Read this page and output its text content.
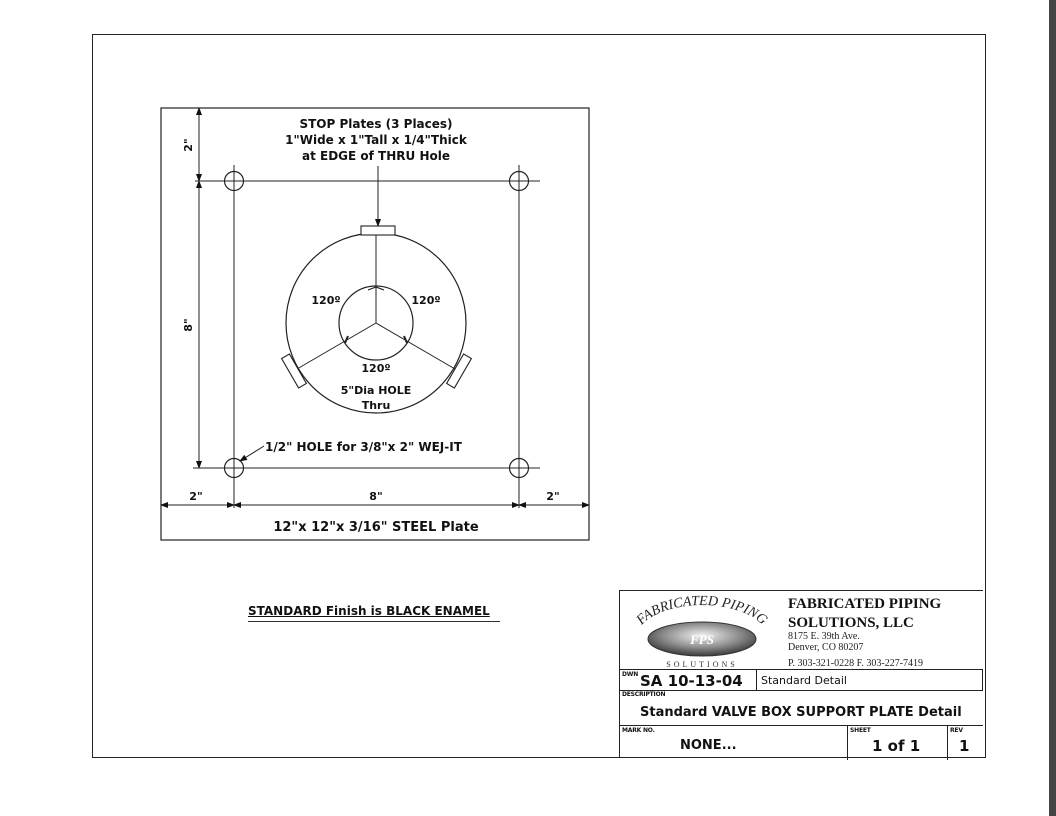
STOP Plates (3 Places)
1"Wide x 1"Tall x 1/4"Thick
at EDGE of THRU Hole
120º	120º
120º
5"Dia HOLE
Thru
1/2" HOLE for 3/8"x 2" WEJ-IT
2"
8"
2"	8"	2"
12"x 12"x 3/16" STEEL Plate
STANDARD Finish is BLACK ENAMEL
FABRICATED PIPING
FPS
SOLUTIONS
FABRICATED PIPING
SOLUTIONS, LLC
8175 E. 39th Ave.
Denver, CO 80207
P. 303-321-0228 F. 303-227-7419
DWN SA 10-13-04 Standard Detail
DESCRIPTION
Standard VALVE BOX SUPPORT PLATE Detail
MARK NO.
NONE...
SHEET
1 of 1
REV
1
